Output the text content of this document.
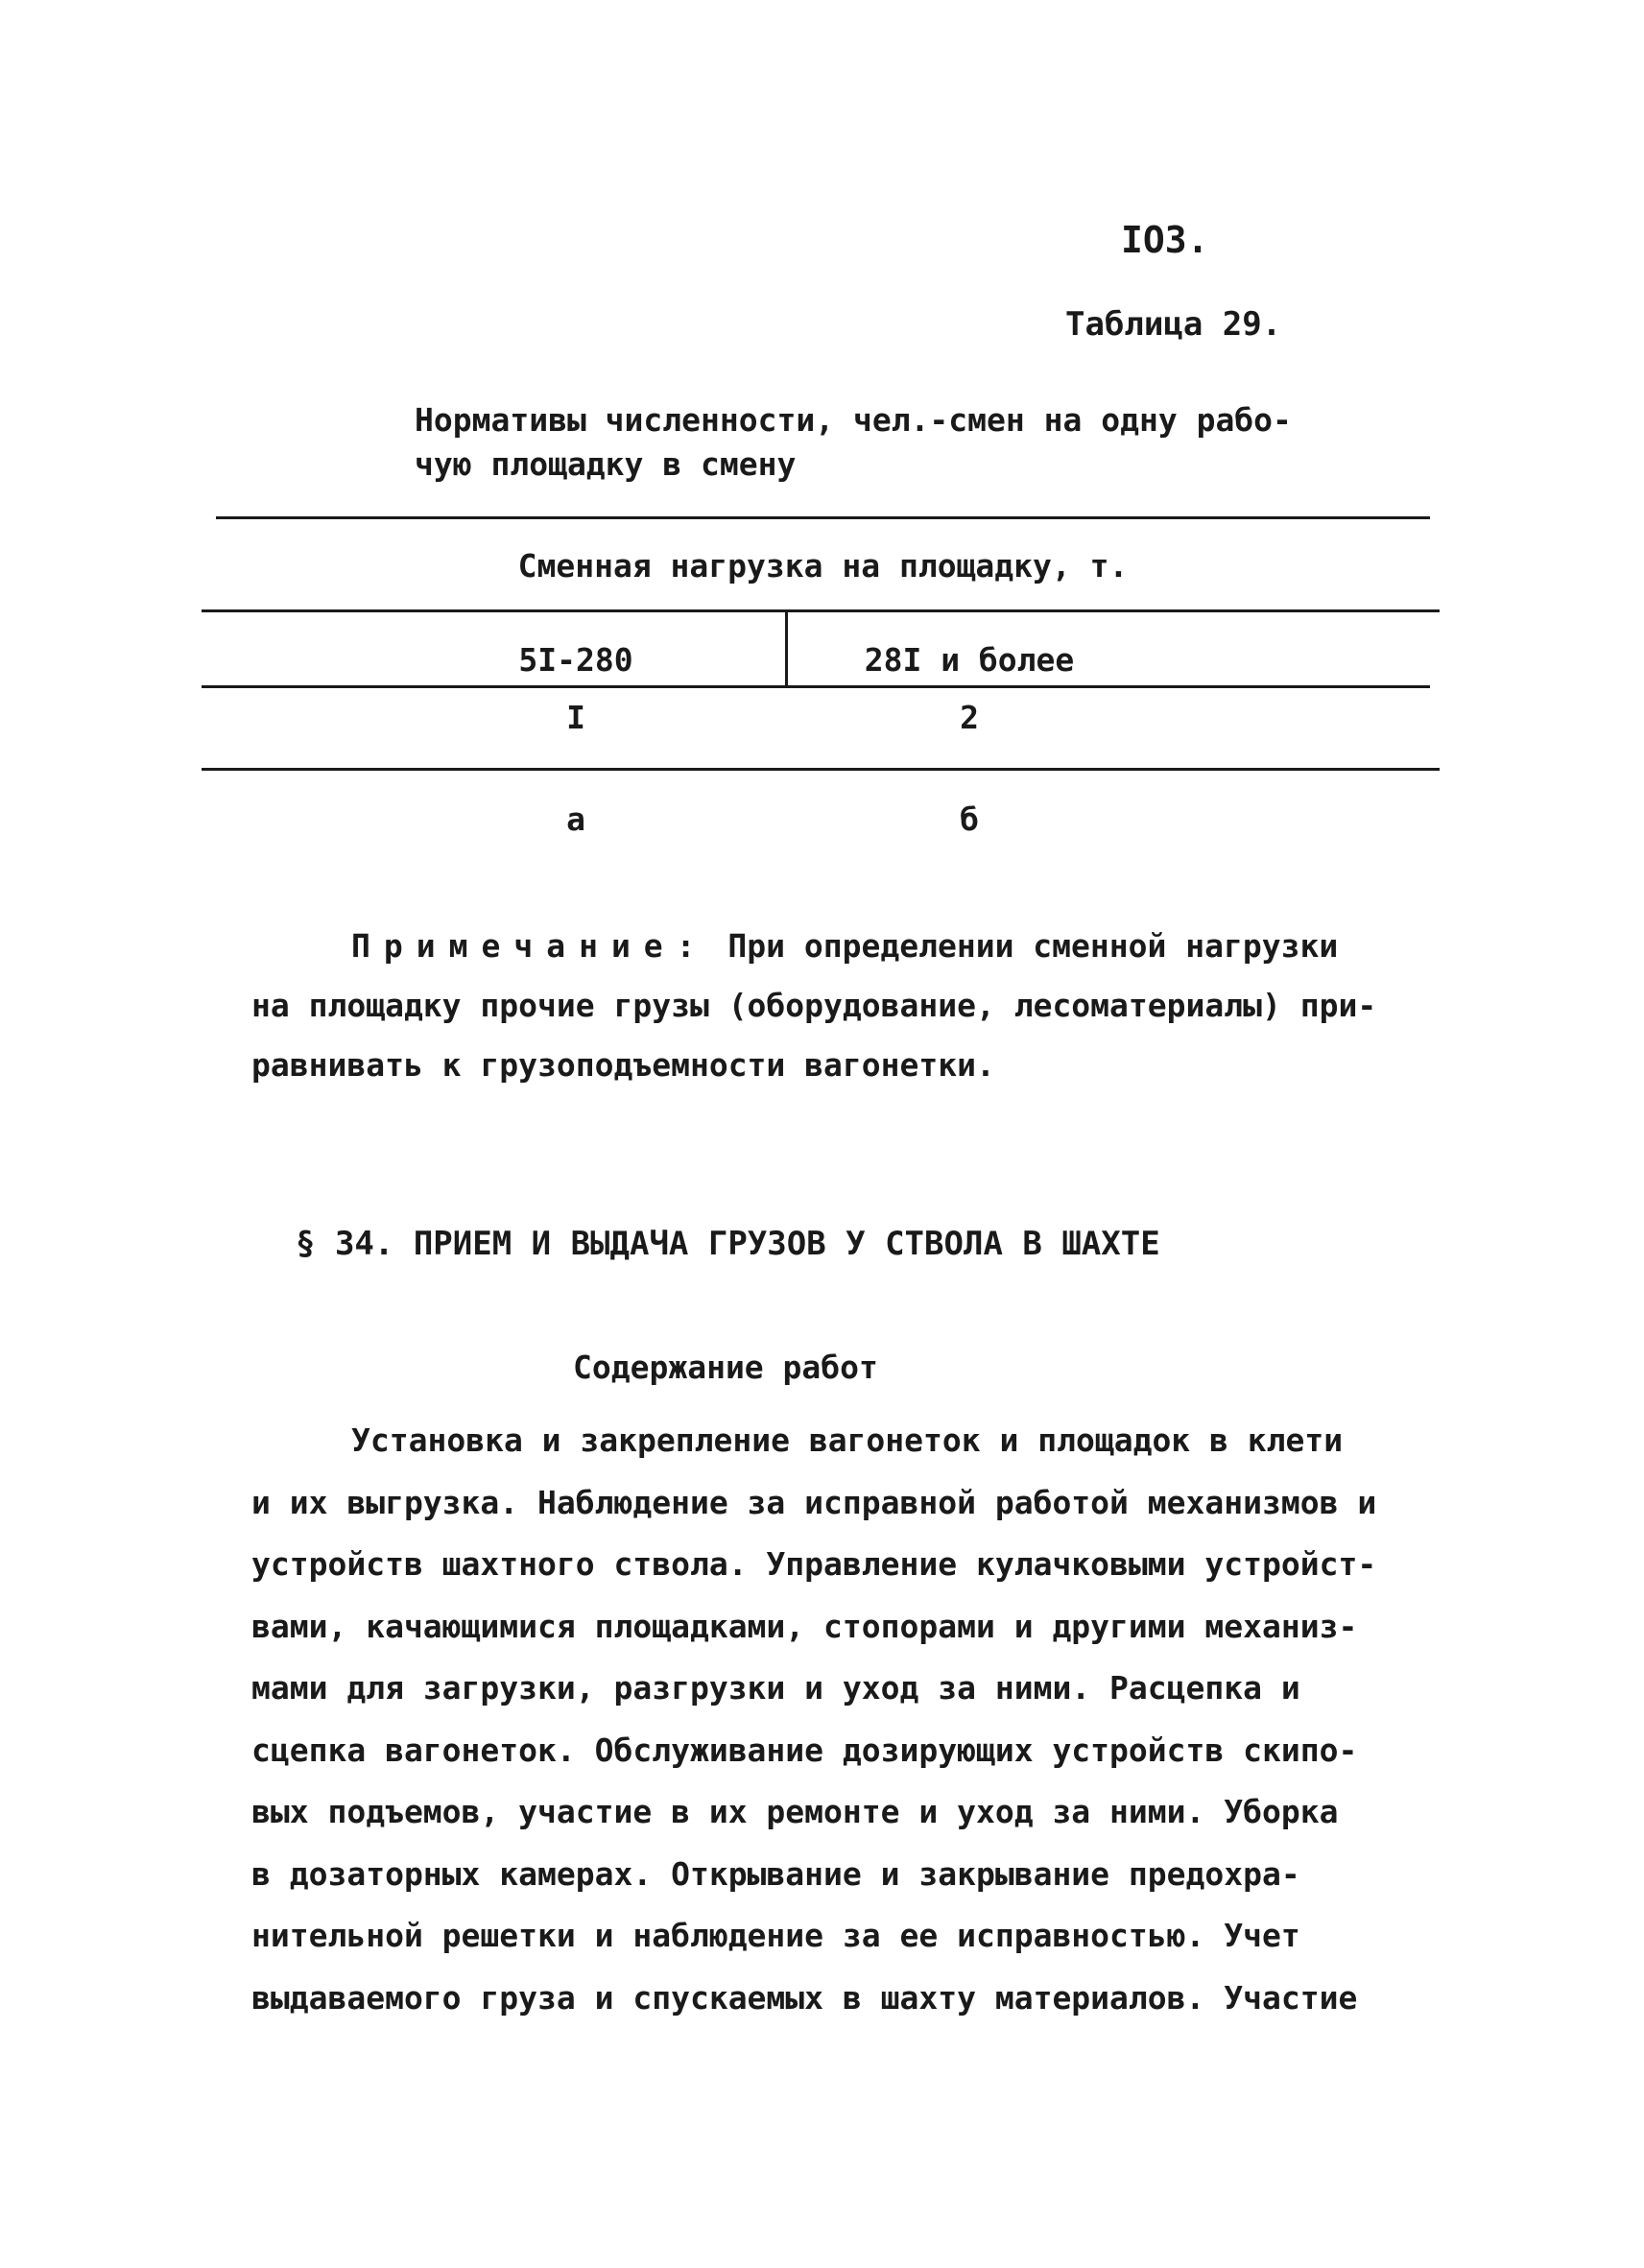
IO3.
Таблица 29.
Нормативы численности, чел.-смен на одну рабо-
чую площадку в смену
Сменная нагрузка на площадку, т.
5I-280	28I и более
I	2
а	б
Примечание: При определении сменной нагрузки
на площадку прочие грузы (оборудование, лесоматериалы) при-
равнивать к грузоподъемности вагонетки.
§ 34. ПРИЕМ И ВЫДАЧА ГРУЗОВ У СТВОЛА В ШАХТЕ
Содержание работ
Установка и закрепление вагонеток и площадок в клети
и их выгрузка. Наблюдение за исправной работой механизмов и
устройств шахтного ствола. Управление кулачковыми устройст-
вами, качающимися площадками, стопорами и другими механиз-
мами для загрузки, разгрузки и уход за ними. Расцепка и
сцепка вагонеток. Обслуживание дозирующих устройств скипо-
вых подъемов, участие в их ремонте и уход за ними. Уборка
в дозаторных камерах. Открывание и закрывание предохра-
нительной решетки и наблюдение за ее исправностью. Учет
выдаваемого груза и спускаемых в шахту материалов. Участие
